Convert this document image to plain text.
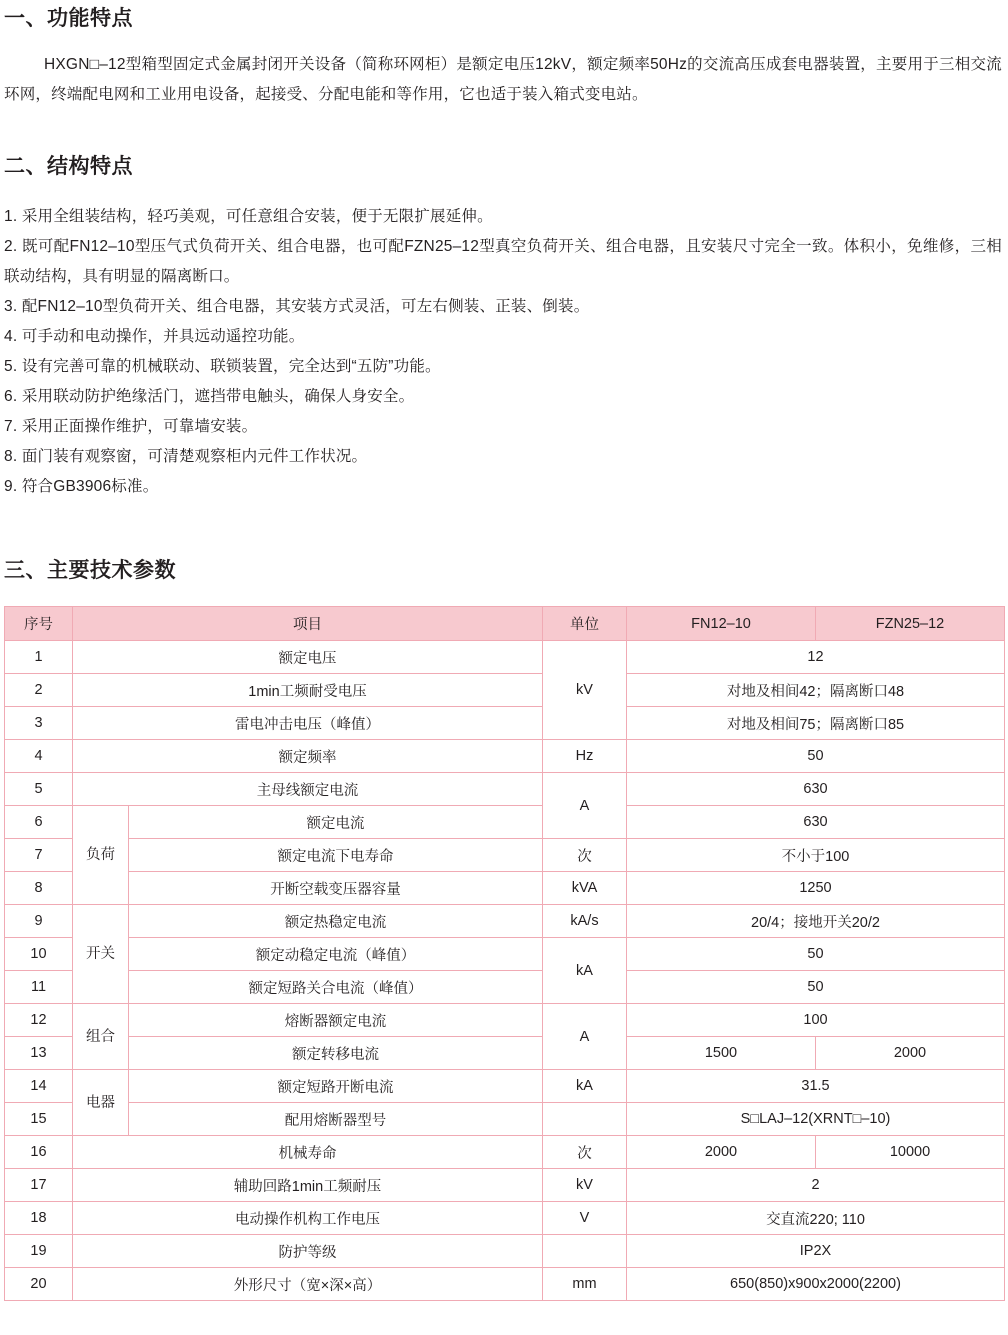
一、功能特点
HXGN□–12型箱型固定式金属封闭开关设备（简称环网柜）是额定电压12kV，额定频率50Hz的交流高压成套电器装置，主要用于三相交流环网，终端配电网和工业用电设备，起接受、分配电能和等作用，它也适于装入箱式变电站。
二、结构特点
1. 采用全组装结构，轻巧美观，可任意组合安装，便于无限扩展延伸。
2. 既可配FN12–10型压气式负荷开关、组合电器，也可配FZN25–12型真空负荷开关、组合电器，且安装尺寸完全一致。体积小，免维修，三相联动结构，具有明显的隔离断口。
3. 配FN12–10型负荷开关、组合电器，其安装方式灵活，可左右侧装、正装、倒装。
4. 可手动和电动操作，并具远动遥控功能。
5. 设有完善可靠的机械联动、联锁装置，完全达到“五防”功能。
6. 采用联动防护绝缘活门，遮挡带电触头，确保人身安全。
7. 采用正面操作维护，可靠墙安装。
8. 面门装有观察窗，可清楚观察柜内元件工作状况。
9. 符合GB3906标准。
三、主要技术参数
序号	项目		单位	FN12–10	FZN25–12
1	额定电压		kV	12	
2	1min工频耐受电压			对地及相间42；隔离断口48	
3	雷电冲击电压（峰值）			对地及相间75；隔离断口85	
4	额定频率		Hz	50	
5	主母线额定电流		A	630	
6	负荷	额定电流		630	
7		额定电流下电寿命	次	不小于100	
8		开断空载变压器容量	kVA	1250	
9	开关	额定热稳定电流	kA/s	20/4；接地开关20/2	
10		额定动稳定电流（峰值）	kA	50	
11		额定短路关合电流（峰值）		50	
12	组合	熔断器额定电流	A	100	
13		额定转移电流		1500	2000
14	电器	额定短路开断电流	kA	31.5	
15		配用熔断器型号		S□LAJ–12(XRNT□–10)	
16	机械寿命		次	2000	10000
17	辅助回路1min工频耐压		kV	2	
18	电动操作机构工作电压		V	交直流220; 110	
19	防护等级			IP2X	
20	外形尺寸（宽×深×高）		mm	650(850)x900x2000(2200)	
